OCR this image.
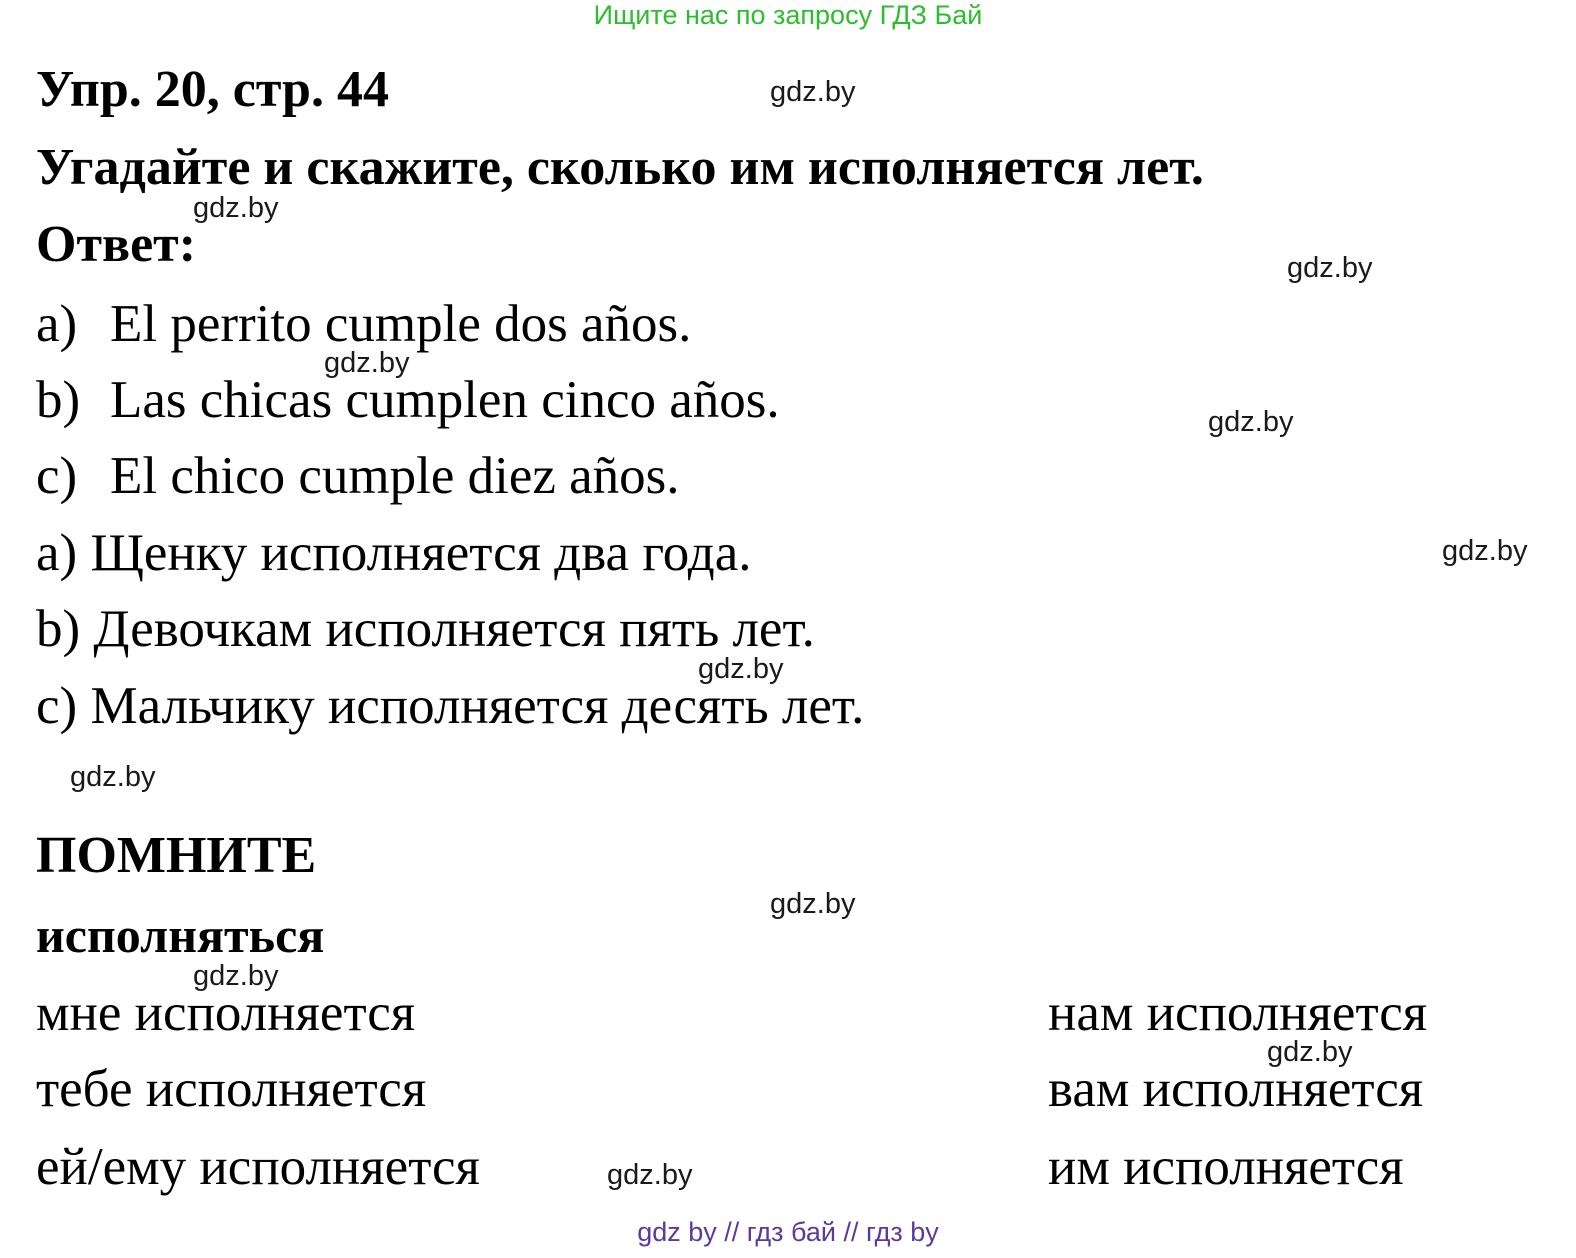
Ищите нас по запросу ГДЗ Бай
Упр. 20, стр. 44
Угадайте и скажите, сколько им исполняется лет.
Ответ:
a) El perrito cumple dos años.
b) Las chicas cumplen cinco años.
c) El chico cumple diez años.
a) Щенку исполняется два года.
b) Девочкам исполняется пять лет.
c) Мальчику исполняется десять лет.
ПОМНИТЕ
исполняться
мне исполняется
тебе исполняется
ей/ему исполняется
нам исполняется
вам исполняется
им исполняется
gdz.by
gdz.by
gdz.by
gdz.by
gdz.by
gdz.by
gdz.by
gdz.by
gdz.by
gdz.by
gdz.by
gdz.by
gdz by // гдз бай // гдз by
